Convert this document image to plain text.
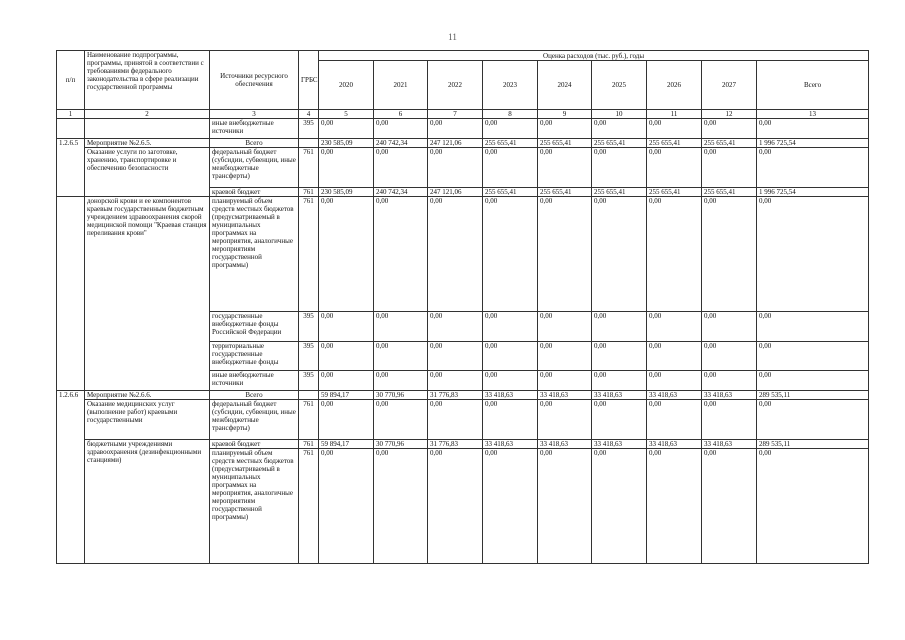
11
п/п	Наименование подпрограммы, программы, принятой в соответствии с требованиями федерального законодательства в сфере реализации государственной программы	Источники ресурсного обеспечения	ГРБС	Оценка расходов (тыс. руб.), годы								
				2020	2021	2022	2023	2024	2025	2026	2027	Всего
1	2	3	4	5	6	7	8	9	10	11	12	13
		иные внебюджетные источники	395	0,00	0,00	0,00	0,00	0,00	0,00	0,00	0,00	0,00
1.2.6.5	Мероприятие №2.6.5.	Всего		230 585,09	240 742,34	247 121,06	255 655,41	255 655,41	255 655,41	255 655,41	255 655,41	1 996 725,54
	Оказание услуги по заготовке, хранению, транспортировке и обеспечению безопасности	федеральный бюджет (субсидии, субвенции, иные межбюджетные трансферты)	761	0,00	0,00	0,00	0,00	0,00	0,00	0,00	0,00	0,00
		краевой бюджет	761	230 585,09	240 742,34	247 121,06	255 655,41	255 655,41	255 655,41	255 655,41	255 655,41	1 996 725,54
	донорской крови и ее компонентов краевым государственным бюджетным учреждением здравоохранения скорой медицинской помощи "Краевая станция переливания крови"	планируемый объем средств местных бюджетов (предусматриваемый в муниципальных программах на мероприятия, аналогичные мероприятиям государственной программы)	761	0,00	0,00	0,00	0,00	0,00	0,00	0,00	0,00	0,00
		государственные внебюджетные фонды Российской Федерации	395	0,00	0,00	0,00	0,00	0,00	0,00	0,00	0,00	0,00
		территориальные государственные внебюджетные фонды	395	0,00	0,00	0,00	0,00	0,00	0,00	0,00	0,00	0,00
		иные внебюджетные источники	395	0,00	0,00	0,00	0,00	0,00	0,00	0,00	0,00	0,00
1.2.6.6	Мероприятие №2.6.6.	Всего		59 894,17	30 770,96	31 776,83	33 418,63	33 418,63	33 418,63	33 418,63	33 418,63	289 535,11
	Оказание медицинских услуг (выполнение работ) краевыми государственными	федеральный бюджет (субсидии, субвенции, иные межбюджетные трансферты)	761	0,00	0,00	0,00	0,00	0,00	0,00	0,00	0,00	0,00
	бюджетными учреждениями здравоохранения (дезинфекционными станциями)	краевой бюджет	761	59 894,17	30 770,96	31 776,83	33 418,63	33 418,63	33 418,63	33 418,63	33 418,63	289 535,11
		планируемый объем средств местных бюджетов (предусматриваемый в муниципальных программах на мероприятия, аналогичные мероприятиям государственной программы)	761	0,00	0,00	0,00	0,00	0,00	0,00	0,00	0,00	0,00
